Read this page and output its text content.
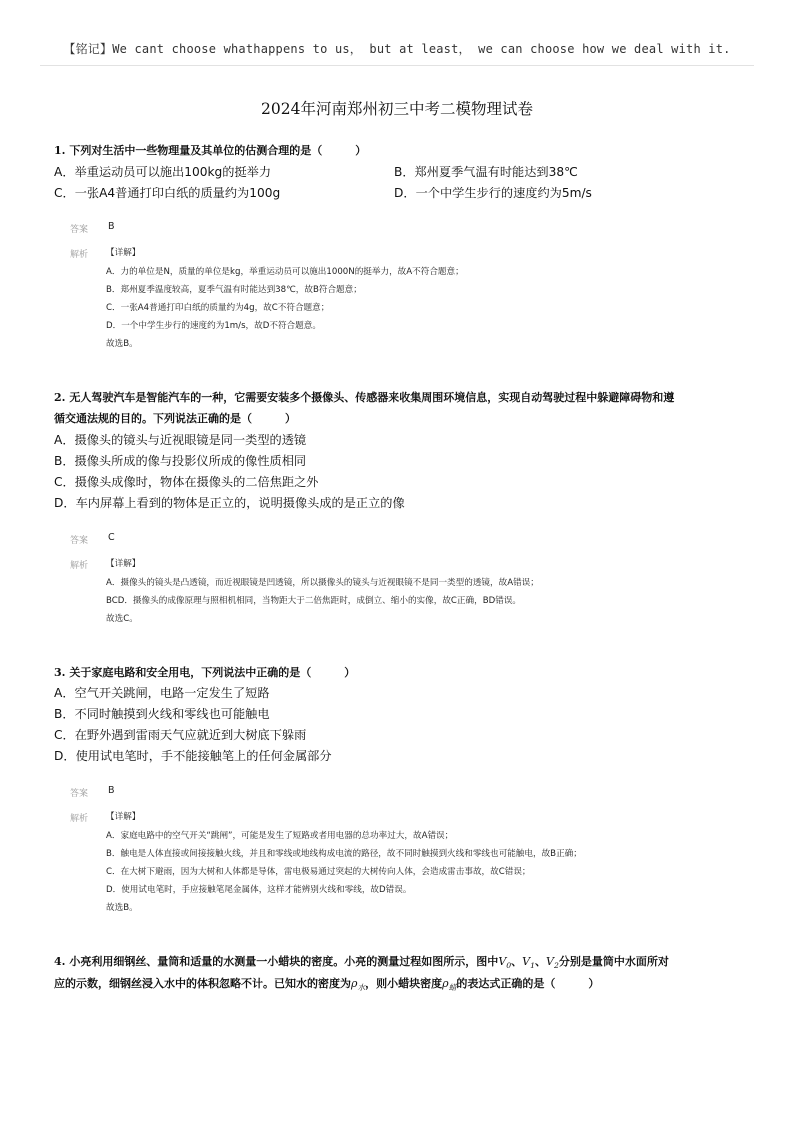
【铭记】We cant choose whathappens to us， but at least， we can choose how we deal with it.
2024年河南郑州初三中考二模物理试卷
1. 下列对生活中一些物理量及其单位的估测合理的是（　　　）
A．举重运动员可以施出100kg的挺举力	B．郑州夏季气温有时能达到38℃
C．一张A4普通打印白纸的质量约为100g	D．一个中学生步行的速度约为5m/s
答案 B
解析 【详解】
A．力的单位是N，质量的单位是kg，举重运动员可以施出1000N的挺举力，故A不符合题意；
B．郑州夏季温度较高，夏季气温有时能达到38℃，故B符合题意；
C．一张A4普通打印白纸的质量约为4g，故C不符合题意；
D．一个中学生步行的速度约为1m/s，故D不符合题意。
故选B。
2. 无人驾驶汽车是智能汽车的一种，它需要安装多个摄像头、传感器来收集周围环境信息，实现自动驾驶过程中躲避障碍物和遵
循交通法规的目的。下列说法正确的是（　　　）
A．摄像头的镜头与近视眼镜是同一类型的透镜
B．摄像头所成的像与投影仪所成的像性质相同
C．摄像头成像时，物体在摄像头的二倍焦距之外
D．车内屏幕上看到的物体是正立的，说明摄像头成的是正立的像
答案 C
解析 【详解】
A．摄像头的镜头是凸透镜，而近视眼镜是凹透镜，所以摄像头的镜头与近视眼镜不是同一类型的透镜，故A错误；
BCD．摄像头的成像原理与照相机相同，当物距大于二倍焦距时，成倒立、缩小的实像，故C正确，BD错误。
故选C。
3. 关于家庭电路和安全用电，下列说法中正确的是（　　　）
A．空气开关跳闸，电路一定发生了短路
B．不同时触摸到火线和零线也可能触电
C．在野外遇到雷雨天气应就近到大树底下躲雨
D．使用试电笔时，手不能接触笔上的任何金属部分
答案 B
解析 【详解】
A．家庭电路中的空气开关“跳闸”，可能是发生了短路或者用电器的总功率过大，故A错误；
B．触电是人体直接或间接接触火线，并且和零线或地线构成电流的路径，故不同时触摸到火线和零线也可能触电，故B正确；
C．在大树下避雨，因为大树和人体都是导体，雷电极易通过突起的大树传向人体，会造成雷击事故，故C错误；
D．使用试电笔时，手应接触笔尾金属体，这样才能辨别火线和零线，故D错误。
故选B。
4. 小亮利用细钢丝、量筒和适量的水测量一小蜡块的密度。小亮的测量过程如图所示，图中$V_0$、$V_1$、$V_2$分别是量筒中水面所对
应的示数，细钢丝浸入水中的体积忽略不计。已知水的密度为$\rho_水$，则小蜡块密度$\rho_蜡$的表达式正确的是（　　　）
